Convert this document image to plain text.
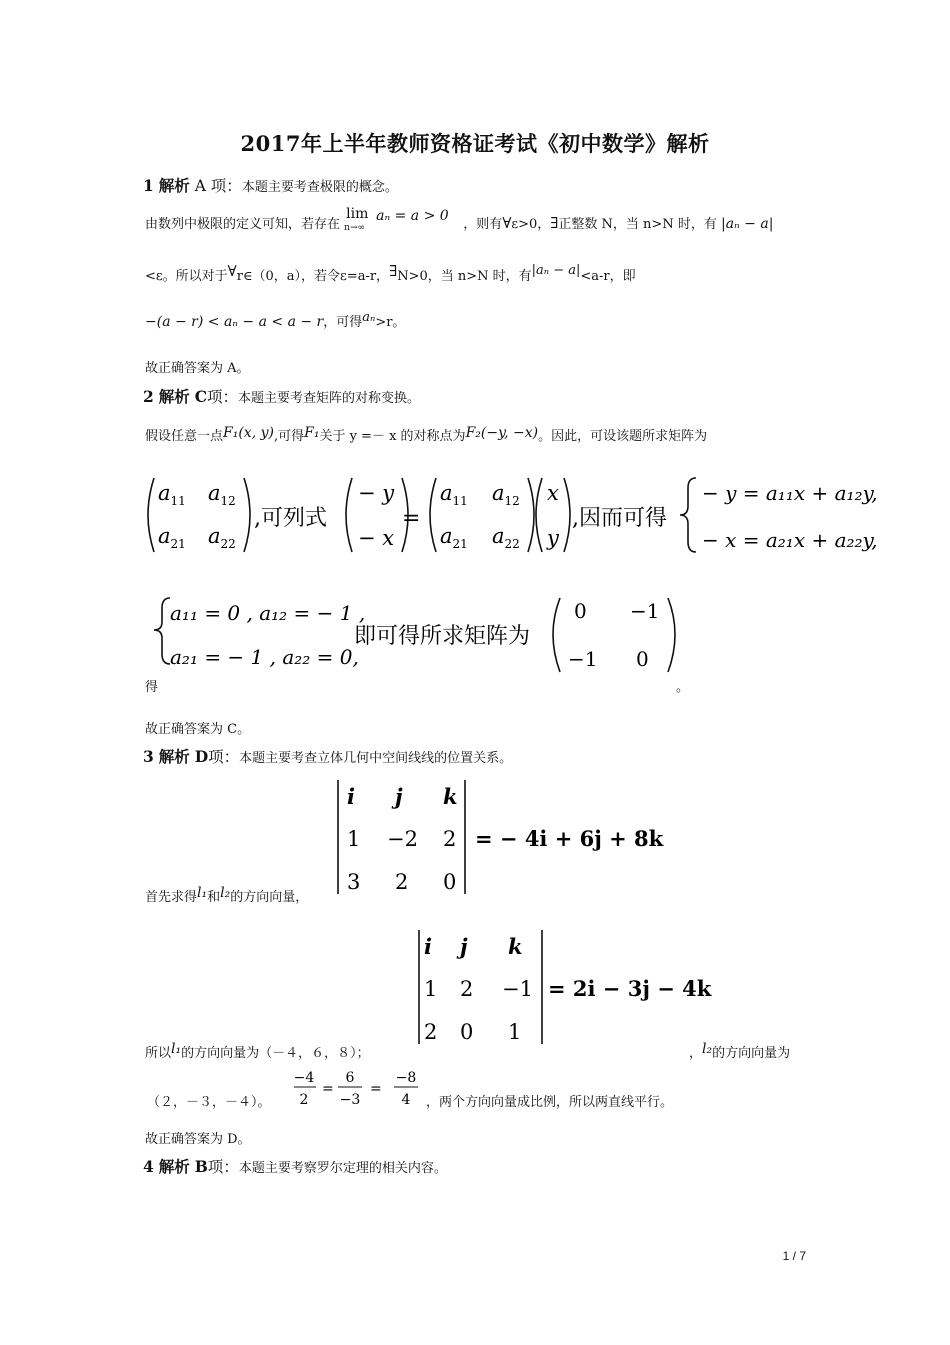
2017年上半年教师资格证考试《初中数学》解析
1 解析 A 项：本题主要考查极限的概念。
由数列中极限的定义可知，若存在
lim
n→∞
aₙ = a > 0
，则有∀ε>0，∃正整数 N，当 n>N 时，有 |aₙ − a|
<ε。所以对于∀r∈（0，a），若令ε=a-r，∃N>0，当 n>N 时，有|aₙ − a|<a-r，即
−(a − r) < aₙ − a < a − r，可得aₙ>r。
故正确答案为 A。
2 解析 C项：本题主要考查矩阵的对称变换。
假设任意一点F₁(x, y),可得F₁关于 y =－ x 的对称点为F₂(−y, −x)。因此，可设该题所求矩阵为
$a_{11}$ $a_{12}$
$a_{21}$ $a_{22}$
,可列式
− y
− x
=
$a_{11}$ $a_{12}$
$a_{21}$ $a_{22}$
x
y
,因而可得
− y = a₁₁x + a₁₂y,
− x = a₂₁x + a₂₂y,
a₁₁ = 0 , a₁₂ = − 1 ,
a₂₁ = − 1 , a₂₂ = 0,
即可得所求矩阵为
0 −1
−1 0
得	。
故正确答案为 C。
3 解析 D项：本题主要考查立体几何中空间线线的位置关系。
i j k
1 −2 2
3 2 0
= − 4i + 6j + 8k
首先求得l₁和l₂的方向向量，
i j k
1 2 −1
2 0 1
= 2i − 3j − 4k
所以l₁的方向向量为（－４，６，８）；	，l₂的方向向量为
（２，－３，－４）。
−4
2
=
6
−3
=
−8
4 ，两个方向向量成比例，所以两直线平行。
故正确答案为 D。
4 解析 B项：本题主要考察罗尔定理的相关内容。
1 / 7
